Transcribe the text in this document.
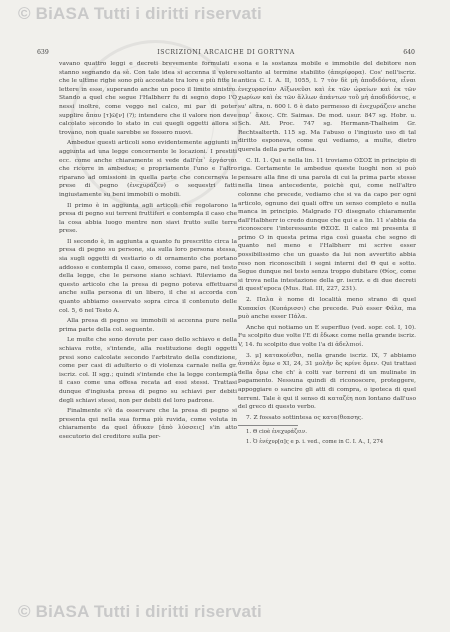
© BiASA Tutti i diritti riservati
639	ISCRIZIONI ARCAICHE DI GORTYNA	640

vavano quattro leggi e decreti brevemente formulati e stanno segnando da sè. Con tale idea si accenna il volere che le ultime righe sono più accostate tra loro e più fitte le lettere in esse, superando anche un poco il limite sinistro. Stando a quel che segue l'Halbherr fu di segno dopo l'O nessi inoltre, come veggo nel calco, mi par di poter supplire ἄπαυ [τ]ῶ[ν] (?); intendere che il valore non deve calcolato secondo lo stato in cui quegli oggetti allora si trovano, non quale sarebbe se fossero nuovi.

Ambedue questi articoli sono evidentemente aggiunti in aggiunta ad una legge concernente le locazioni. I prestiti ecc. come anche chiaramente si vede dall'ἐπ᾽ ἐργάσται che ricorre in ambedue; e propriamente l'uno e l'altro riparano ad omissioni in quella parte che concerneva le prese di pegno (ἐνεχυράζεν) o sequestri fatti ingiustamente su beni immobili o mobili.

Il primo è in aggiunta agli articoli che regolarono la presa di pegno sui terreni fruttiferi e contempla il caso che la cosa abbia luogo mentre non siavi frutto sulle terre prese.

Il secondo è, in aggiunta a quanto fu prescritto circa la presa di pegno su persone, sia sulla loro persona stessa, sia sugli oggetti di vestiario o di ornamento che portano addosso e contempla il caso, omesso, come pare, nel testo della legge, che le persone siano schiavi. Rileviamo da questo articolo che la presa di pegno poteva effettuarsi anche sulla persona di un libero, il che si accorda con quanto abbiamo osservato sopra circa il contenuto delle col. 5, 6 nel Testo A.

Alla presa di pegno su immobili si accenna pure nella prima parte della col. seguente.

Le multe che sono dovute per caso dello schiavo e della schiava rotte, s'intende, alla restituzione degli oggetti presi sono calcolate secondo l'arbitrato della condizione, come per casi di adulterio o di violenza carnale nella gr. iscriz. col. II sgg.; quindi s'intende che la legge contemplà il caso come una offesa recata ad essi stessi. Trattasi dunque d'ingiusta presa di pegno su schiavi per debiti degli schiavi stessi, non per debiti del loro padrone.

Finalmente s'è da osservare che la presa di pegno si presenta qui nella sua forma più ruvida, come voluta in chiaramente da quel ἀδικαν [ἀπὸ λύσσεις] s'in atto esecutorio del creditore sulla per-

sona e la sostanza mobile e immobile del debitore non soltanto al termine stabilito (ἀπερίφορα). Cos' nell'iscriz. antica C. I. A. II, 1055, l. 7 τὸν δὲ μὴ ἀποδιδόντα, εἶναι ἐνεχυρασίαν Αἰξωνεῦσι καὶ ἐκ τῶν ὡραίων καὶ ἐκ τῶν χωρίων καὶ ἐκ τῶν ἄλλων ἁπάντων τοῦ μὴ ἀποδιδόντος, e su' altra, n. 600 l. 6 è dato permesso di ἐνεχυράζειν anche παρ᾽ ἄκοις. Cfr. Saimas. De mod. usur. 847 sg. Hobr. u. Sch. Att. Proc. 747 sg. Hermann-Thalheim Gr. Rechtsalterth. 115 sg. Ma l'abuso o l'ingiusto uso di tal diritto esponeva, come qui vediamo, a multe, dietro querela della parte offesa.

C. II. 1. Qui e nella lin. 11 troviamo ΟΣΟΣ in principio di riga. Certamente le ambedue queste luoghi non si può pensare alla fine di una parola di cui la prima parte stesse nella linea antecedente, poichè qui, come nell'altro colonne che precede, vediamo che si va da capo per ogni articolo, ognuno dei quali offre un senso completo e nulla manca in principio. Malgrado l'O disegnato chiaramente dall'Halbherr io credo dunque che qui e a lin. 11 s'abbia da riconoscere l'interessante ΘΣΟΣ. Il calco mi presenta il primo O in questa prima riga così guasta che segno di quanto nel meno e l'Halbherr mi scrive esser possibilissimo che un guasto da lui non avvertito abbia reso non riconoscibili i segni interni del Θ qui e sotto. Segue dunque nel testo senza troppo dubitare (Θίος, come si trova nella intestazione della gr. iscriz. e di due decreti di quest'epoca (Mus. Ital. III, 227, 231).

2. Παλα è nome di località meno strano di quel Κυπακίσι (Κυπάρισσι) che precede. Può esser Φάλα, ma può anche esser Πάλα.

Anche qui notiamo un E superfluo (ved. sopr. col. I, 10). Fu scolpito due volte l'E di ἔδωκε come nella grande iscriz. V, 14. fu scolpito due volte l'a di ἀδελπιοί.

3. μ] κατακοίεθαι, nella grande iscriz. IX, 7 abbiamo ἀνπάλε ὅμω e XI, 24, 31 μολῆν ὅς κρίνε ὅμεν. Qui trattasi della ὅμω che ch' à colti var terreni di un mulinate in pagamento. Nessuna quindi di riconoscere, proteggere, appoggiare o sancire gli atti di compra, o ipoteca di quel terreni. Tale è qui il senso di καταζέη non lontano dall'uso del greco di questo verbo.

7. Ζ fossato sottintesa ος κατα(θεασης.

1. Θ cioè ἐνεχυράζειν.

1. Ὁ ἐνέχυρ[α]ς e p. i. ved., come in C. I. A., I, 274

© BiASA Tutti i diritti riservati
